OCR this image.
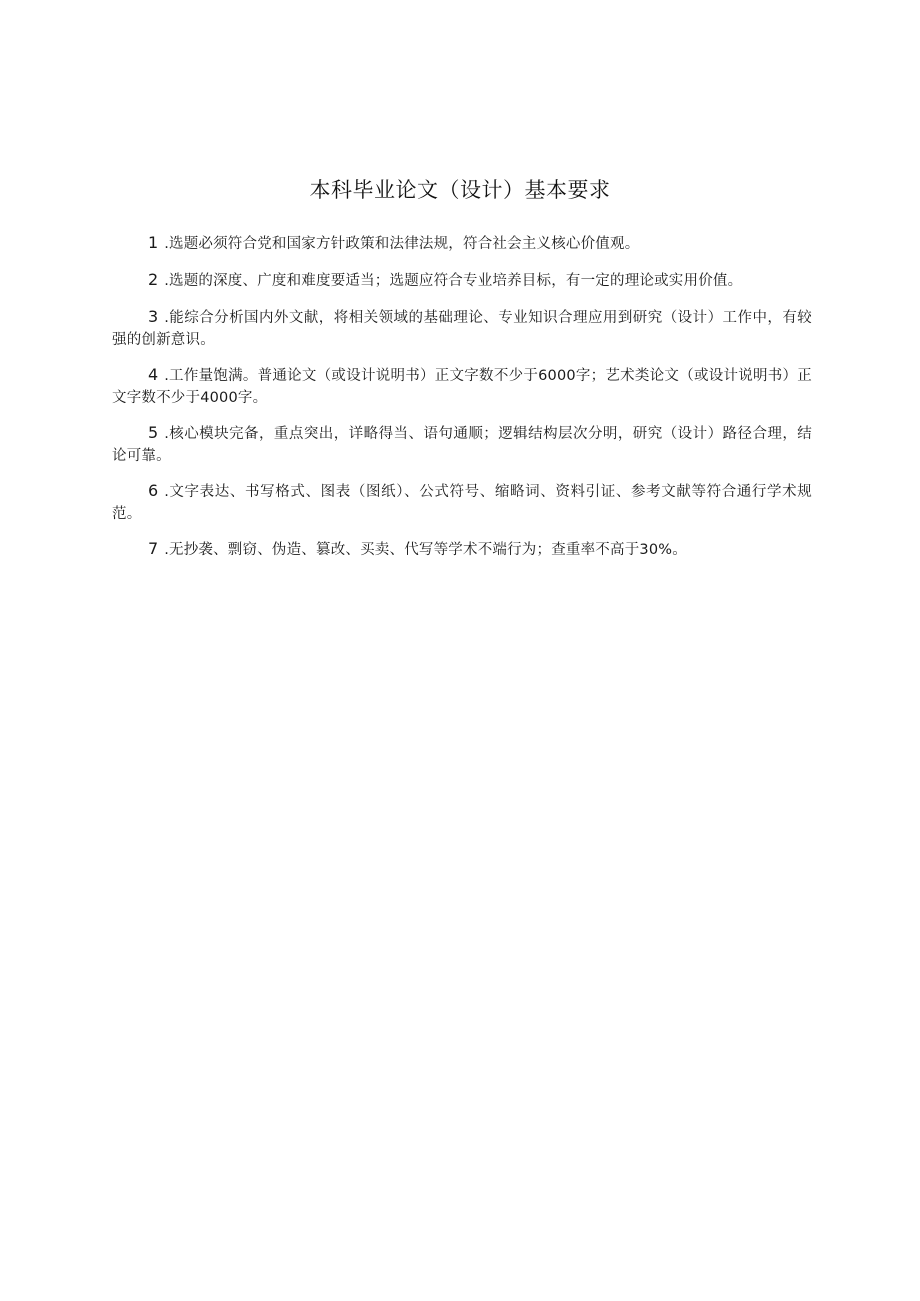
本科毕业论文（设计）基本要求
1 .选题必须符合党和国家方针政策和法律法规，符合社会主义核心价值观。
2 .选题的深度、广度和难度要适当；选题应符合专业培养目标，有一定的理论或实用价值。
3 .能综合分析国内外文献，将相关领域的基础理论、专业知识合理应用到研究（设计）工作中，有较强的创新意识。
4 .工作量饱满。普通论文（或设计说明书）正文字数不少于6000字；艺术类论文（或设计说明书）正文字数不少于4000字。
5 .核心模块完备，重点突出，详略得当、语句通顺；逻辑结构层次分明，研究（设计）路径合理，结论可靠。
6 .文字表达、书写格式、图表（图纸）、公式符号、缩略词、资料引证、参考文献等符合通行学术规范。
7 .无抄袭、剽窃、伪造、篡改、买卖、代写等学术不端行为；查重率不高于30%。
